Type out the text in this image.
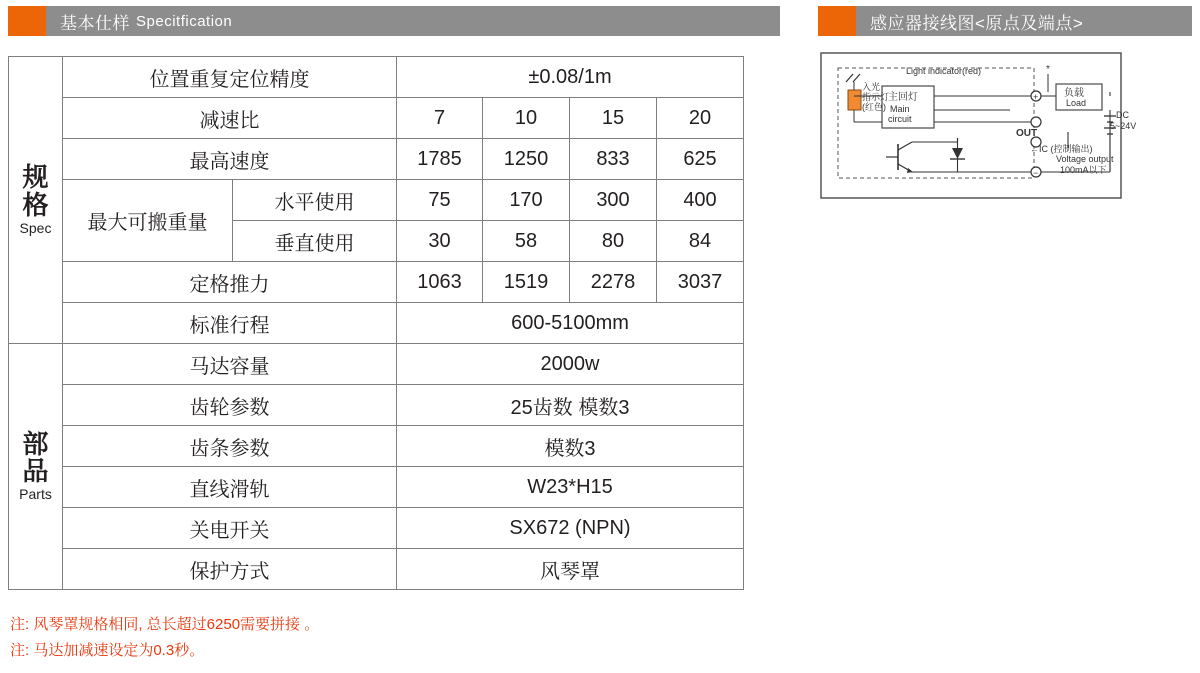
基本仕样 Specitfication	感应器接线图<原点及端点>
规格
Spec	位置重复定位精度		±0.08/1m			
	减速比		7	10	15	20
	最高速度		1785	1250	833	625
	最大可搬重量	水平使用	75	170	300	400
		垂直使用	30	58	80	84
	定格推力		1063	1519	2278	3037
	标准行程		600-5100mm			

部品
Parts	马达容量		2000w			
	齿轮参数		25齿数 模数3			
	齿条参数		模数3			
	直线滑轨		W23*H15			
	关电开关		SX672 (NPN)			
	保护方式		风琴罩			
注: 风琴罩规格相同, 总长超过6250需要拼接 。
注: 马达加减速设定为0.3秒。
Light indicator(red)
入光
指示灯
(红色)
主回灯
Main
circuit
OUT
←IC (控制输出)
负载
Load
DC
5~24V
Voltage output
100mA以下
+
−
*
